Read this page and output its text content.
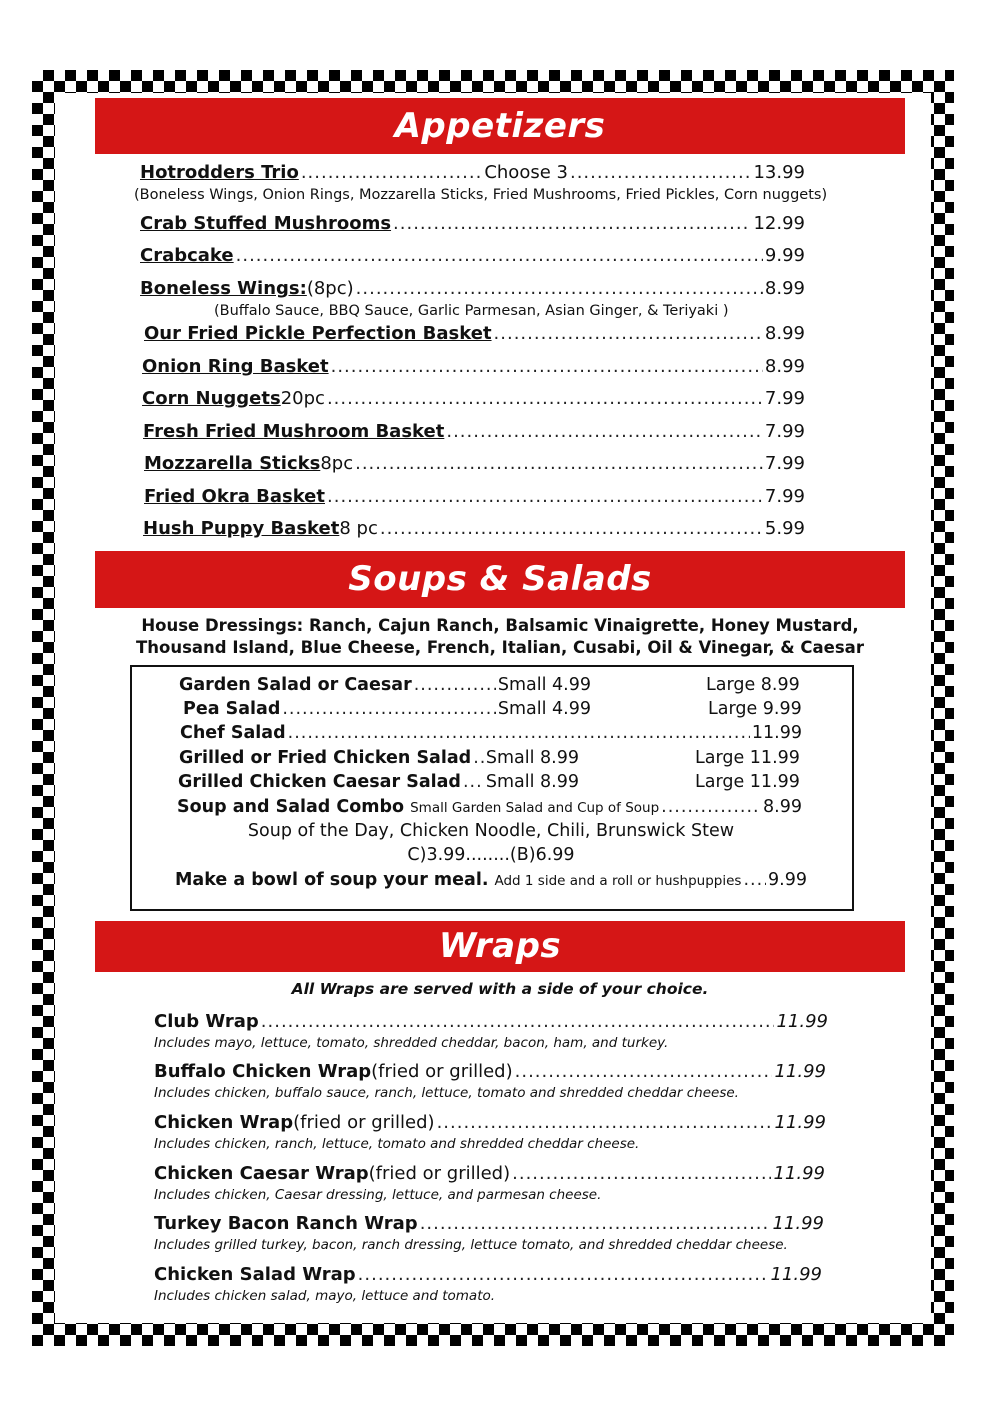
Appetizers
Hotrodders Trio .....	Choose 3 .....	13.99
(Boneless Wings, Onion Rings, Mozzarella Sticks, Fried Mushrooms, Fried Pickles, Corn nuggets)
Crab Stuffed Mushrooms .....	12.99
Crabcake .....	9.99
Boneless Wings: (8pc) .....	8.99
(Buffalo Sauce, BBQ Sauce, Garlic Parmesan, Asian Ginger, & Teriyaki )
Our Fried Pickle Perfection Basket .....	8.99
Onion Ring Basket .....	8.99
Corn Nuggets 20pc .....	7.99
Fresh Fried Mushroom Basket .....	7.99
Mozzarella Sticks 8pc .....	7.99
Fried Okra Basket .....	7.99
Hush Puppy Basket 8 pc .....	5.99
Soups & Salads
House Dressings: Ranch, Cajun Ranch, Balsamic Vinaigrette, Honey Mustard,
Thousand Island, Blue Cheese, French, Italian, Cusabi, Oil & Vinegar, & Caesar
Garden Salad or Caesar .....	Small 4.99	Large 8.99
Pea Salad .....	Small 4.99	Large 9.99
Chef Salad .....	11.99
Grilled or Fried Chicken Salad ..... Small 8.99	Large 11.99
Grilled Chicken Caesar Salad ..... Small 8.99	Large 11.99
Soup and Salad Combo Small Garden Salad and Cup of Soup .....	8.99
Soup of the Day, Chicken Noodle, Chili, Brunswick Stew
C)3.99........(B)6.99
Make a bowl of soup your meal. Add 1 side and a roll or hushpuppies ..... 9.99
Wraps
All Wraps are served with a side of your choice.
Club Wrap .....	11.99
Includes mayo, lettuce, tomato, shredded cheddar, bacon, ham, and turkey.
Buffalo Chicken Wrap (fried or grilled) .....	11.99
Includes chicken, buffalo sauce, ranch, lettuce, tomato and shredded cheddar cheese.
Chicken Wrap (fried or grilled) .....	11.99
Includes chicken, ranch, lettuce, tomato and shredded cheddar cheese.
Chicken Caesar Wrap (fried or grilled) .....	11.99
Includes chicken, Caesar dressing, lettuce, and parmesan cheese.
Turkey Bacon Ranch Wrap .....	11.99
Includes grilled turkey, bacon, ranch dressing, lettuce tomato, and shredded cheddar cheese.
Chicken Salad Wrap .....	11.99
Includes chicken salad, mayo, lettuce and tomato.
